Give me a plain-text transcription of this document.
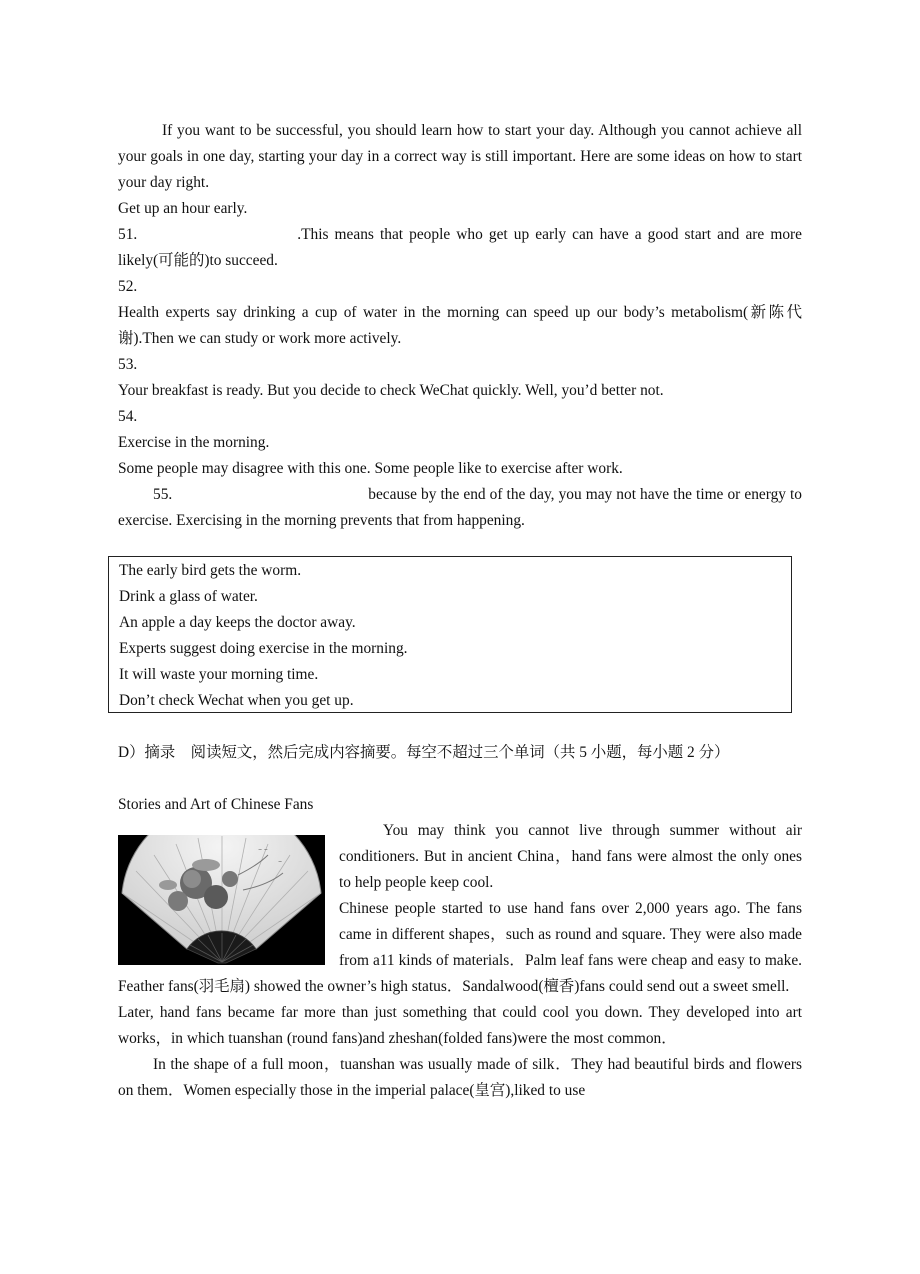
If you want to be successful, you should learn how to start your day. Although you cannot achieve all your goals in one day, starting your day in a correct way is still important. Here are some ideas on how to start your day right.

Get up an hour early.

51.	.This means that people who get up early can have a good start and are more likely(可能的)to succeed.

52.

Health experts say drinking a cup of water in the morning can speed up our body’s metabolism(新陈代谢).Then we can study or work more actively.

53.

Your breakfast is ready. But you decide to check WeChat quickly. Well, you’d better not.

54.

Exercise in the morning.

Some people may disagree with this one. Some people like to exercise after work.

55.	because by the end of the day, you may not have the time or energy to exercise. Exercising in the morning prevents that from happening.

The early bird gets the worm.

Drink a glass of water.

An apple a day keeps the doctor away.

Experts suggest doing exercise in the morning.

It will waste your morning time.

Don’t check Wechat when you get up.

D）摘录　阅读短文，然后完成内容摘要。每空不超过三个单词（共 5 小题，每小题 2 分）
Stories and Art of Chinese Fans
~ ~
~

You may think you cannot live through summer without air conditioners. But in ancient China，hand fans were almost the only ones to help people keep cool.

Chinese people started to use hand fans over 2,000 years ago. The fans came in different shapes，such as round and square. They were also made from a11 kinds of materials．Palm leaf fans were cheap and easy to make. Feather fans(羽毛扇) showed the owner’s high status．Sandalwood(檀香)fans could send out a sweet smell.

Later, hand fans became far more than just something that could cool you down. They developed into art works，in which tuanshan (round fans)and zheshan(folded fans)were the most common．

In the shape of a full moon，tuanshan was usually made of silk．They had beautiful birds and flowers on them．Women especially those in the imperial palace(皇宫),liked to use
